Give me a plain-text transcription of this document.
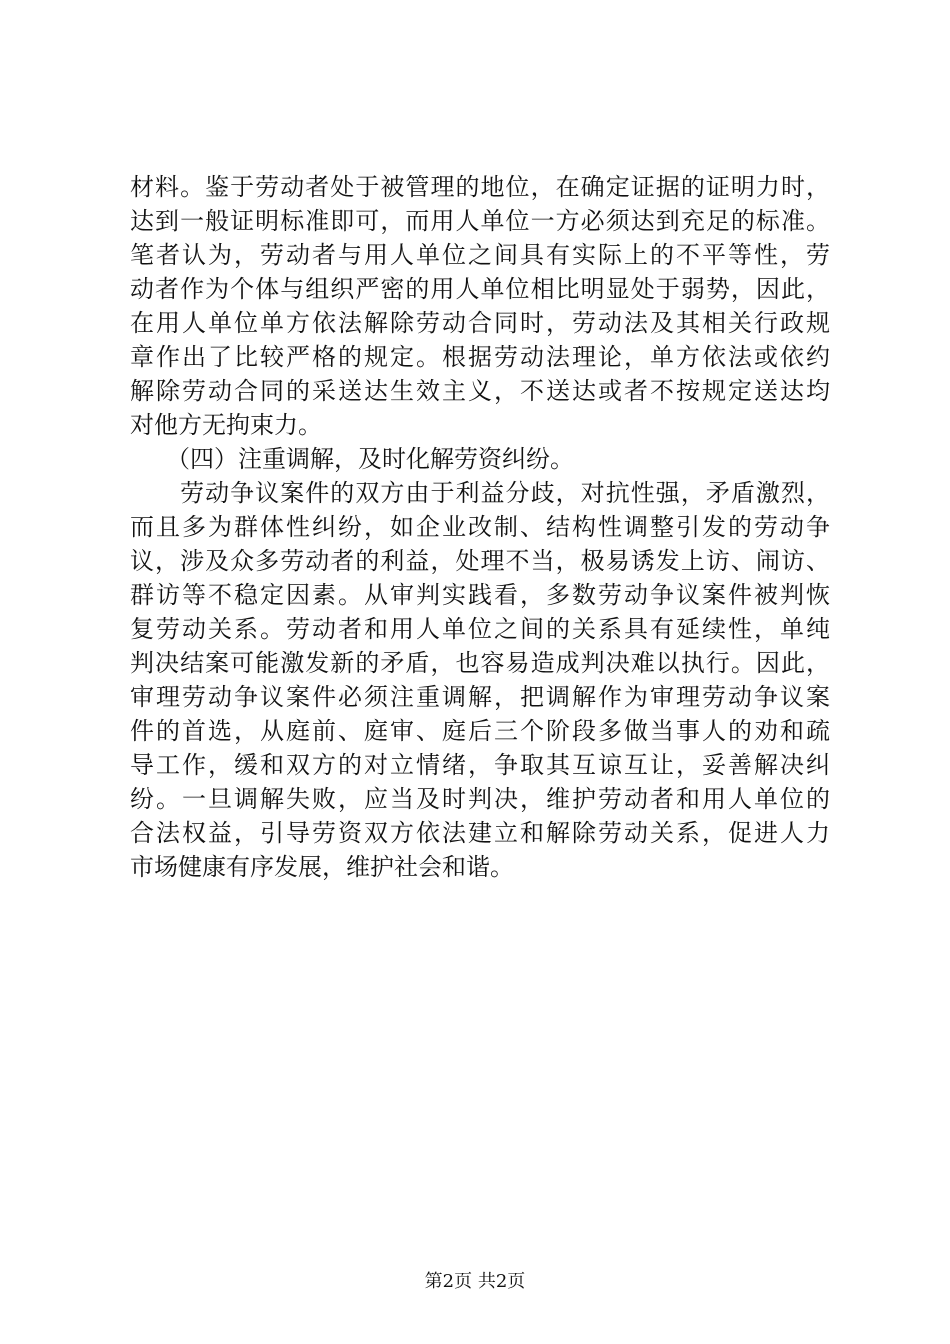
材料。鉴于劳动者处于被管理的地位，在确定证据的证明力时，
达到一般证明标准即可，而用人单位一方必须达到充足的标准。
笔者认为，劳动者与用人单位之间具有实际上的不平等性，劳
动者作为个体与组织严密的用人单位相比明显处于弱势，因此，
在用人单位单方依法解除劳动合同时，劳动法及其相关行政规
章作出了比较严格的规定。根据劳动法理论，单方依法或依约
解除劳动合同的采送达生效主义，不送达或者不按规定送达均
对他方无拘束力。
　　（四）注重调解，及时化解劳资纠纷。
　　劳动争议案件的双方由于利益分歧，对抗性强，矛盾激烈，
而且多为群体性纠纷，如企业改制、结构性调整引发的劳动争
议，涉及众多劳动者的利益，处理不当，极易诱发上访、闹访、
群访等不稳定因素。从审判实践看，多数劳动争议案件被判恢
复劳动关系。劳动者和用人单位之间的关系具有延续性，单纯
判决结案可能激发新的矛盾，也容易造成判决难以执行。因此，
审理劳动争议案件必须注重调解，把调解作为审理劳动争议案
件的首选，从庭前、庭审、庭后三个阶段多做当事人的劝和疏
导工作，缓和双方的对立情绪，争取其互谅互让，妥善解决纠
纷。一旦调解失败，应当及时判决，维护劳动者和用人单位的
合法权益，引导劳资双方依法建立和解除劳动关系，促进人力
市场健康有序发展，维护社会和谐。
第2页 共2页
